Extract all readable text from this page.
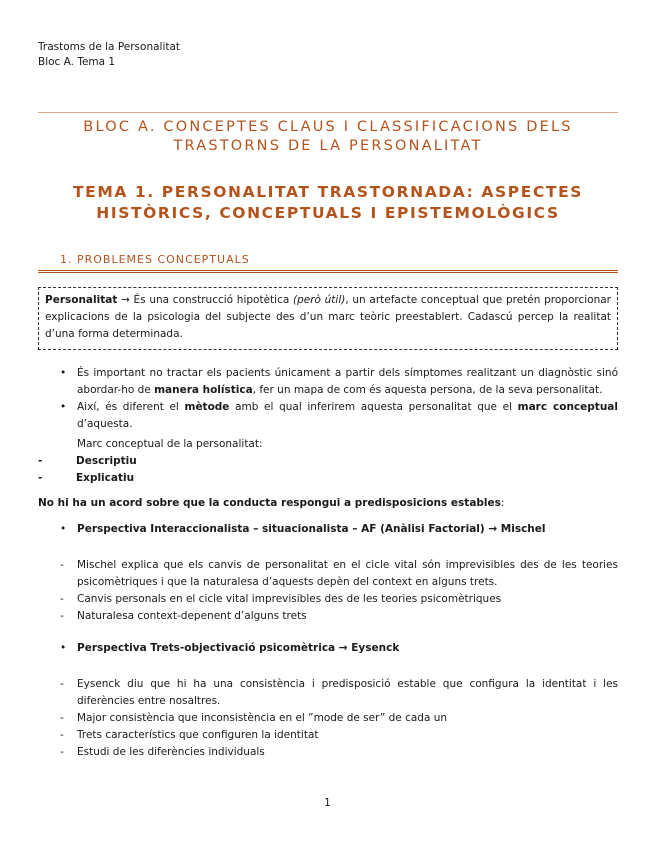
Trastoms de la Personalitat
Bloc A. Tema 1
BLOC A. CONCEPTES CLAUS I CLASSIFICACIONS DELS
TRASTORNS DE LA PERSONALITAT
TEMA 1. PERSONALITAT TRASTORNADA: ASPECTES
HISTÒRICS, CONCEPTUALS I EPISTEMOLÒGICS
1. PROBLEMES CONCEPTUALS
Personalitat → És una construcció hipotètica (però útil), un artefacte conceptual que pretén proporcionar explicacions de la psicologia del subjecte des d’un marc teòric preestablert. Cadascú percep la realitat d’una forma determinada.
• És important no tractar els pacients únicament a partir dels símptomes realitzant un diagnòstic sinó abordar-ho de manera holística, fer un mapa de com és aquesta persona, de la seva personalitat.
• Així, és diferent el mètode amb el qual inferirem aquesta personalitat que el marc conceptual d’aquesta.
Marc conceptual de la personalitat:
-	Descriptiu
-	Explicatiu
No hi ha un acord sobre que la conducta respongui a predisposicions estables:
• Perspectiva Interaccionalista – situacionalista – AF (Anàlisi Factorial) → Mischel
- Mischel explica que els canvis de personalitat en el cicle vital són imprevisibles des de les teories psicomètriques i que la naturalesa d’aquests depèn del context en alguns trets.
- Canvis personals en el cicle vital imprevisibles des de les teories psicomètriques
- Naturalesa context-depenent d’alguns trets
• Perspectiva Trets-objectivació psicomètrica → Eysenck
- Eysenck diu que hi ha una consistència i predisposició estable que configura la identitat i les diferències entre nosaltres.
- Major consistència que inconsistència en el ”mode de ser” de cada un
- Trets característics que configuren la identitat
- Estudi de les diferències individuals
1
